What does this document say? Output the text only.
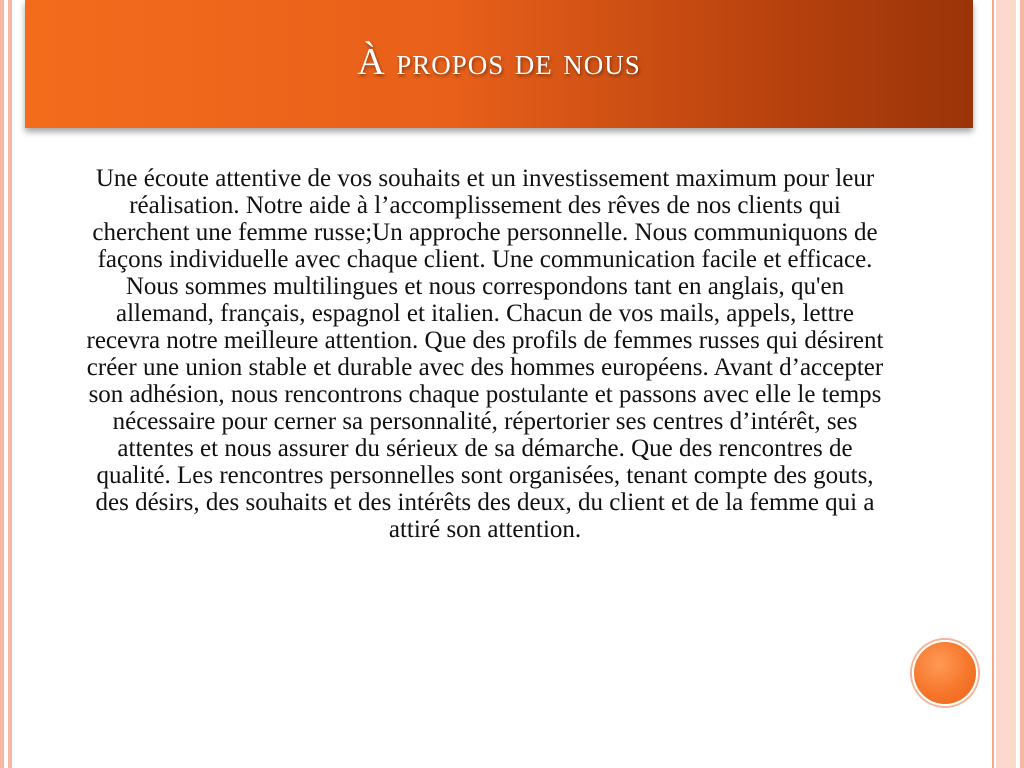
À propos de nous
Une écoute attentive de vos souhaits et un investissement maximum pour leur réalisation. Notre aide à l’accomplissement des rêves de nos clients qui cherchent une femme russe;Un approche personnelle. Nous communiquons de façons individuelle avec chaque client. Une communication facile et efficace. Nous sommes multilingues et nous correspondons tant en anglais, qu'en allemand, français, espagnol et italien. Chacun de vos mails, appels, lettre recevra notre meilleure attention. Que des profils de femmes russes qui désirent créer une union stable et durable avec des hommes européens. Avant d’accepter son adhésion, nous rencontrons chaque postulante et passons avec elle le temps nécessaire pour cerner sa personnalité, répertorier ses centres d’intérêt, ses attentes et nous assurer du sérieux de sa démarche. Que des rencontres de qualité. Les rencontres personnelles sont organisées, tenant compte des gouts, des désirs, des souhaits et des intérêts des deux, du client et de la femme qui a attiré son attention.
